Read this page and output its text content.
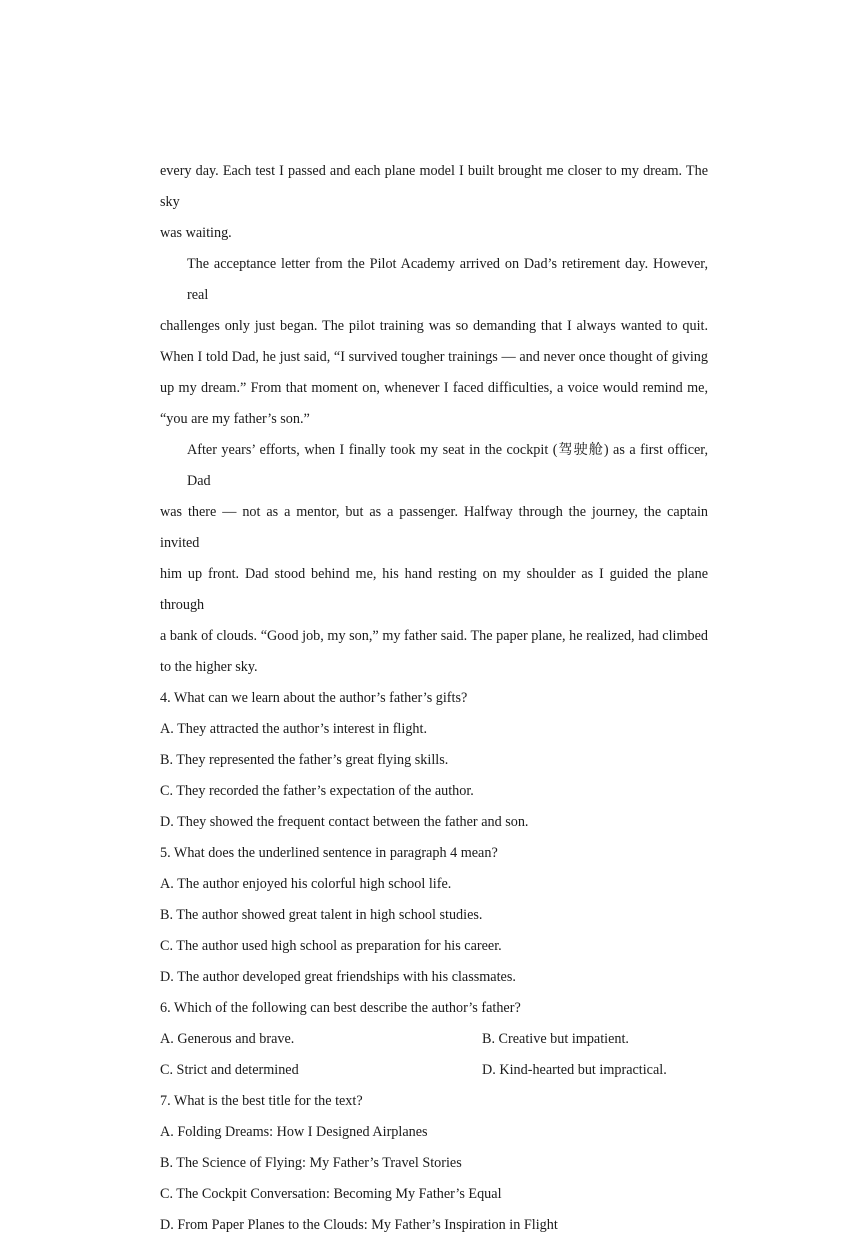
every day. Each test I passed and each plane model I built brought me closer to my dream. The sky
was waiting.

The acceptance letter from the Pilot Academy arrived on Dad’s retirement day. However, real
challenges only just began. The pilot training was so demanding that I always wanted to quit.
When I told Dad, he just said, “I survived tougher trainings — and never once thought of giving
up my dream.” From that moment on, whenever I faced difficulties, a voice would remind me,
“you are my father’s son.”

After years’ efforts, when I finally took my seat in the cockpit (驾驶舱) as a first officer, Dad
was there — not as a mentor, but as a passenger. Halfway through the journey, the captain invited
him up front. Dad stood behind me, his hand resting on my shoulder as I guided the plane through
a bank of clouds. “Good job, my son,” my father said. The paper plane, he realized, had climbed
to the higher sky.

4. What can we learn about the author’s father’s gifts?

A. They attracted the author’s interest in flight.

B. They represented the father’s great flying skills.

C. They recorded the father’s expectation of the author.

D. They showed the frequent contact between the father and son.

5. What does the underlined sentence in paragraph 4 mean?

A. The author enjoyed his colorful high school life.

B. The author showed great talent in high school studies.

C. The author used high school as preparation for his career.

D. The author developed great friendships with his classmates.

6. Which of the following can best describe the author’s father?

A. Generous and brave.	B. Creative but impatient.
C. Strict and determined	D. Kind-hearted but impractical.

7. What is the best title for the text?

A. Folding Dreams: How I Designed Airplanes

B. The Science of Flying: My Father’s Travel Stories

C. The Cockpit Conversation: Becoming My Father’s Equal

D. From Paper Planes to the Clouds: My Father’s Inspiration in Flight
